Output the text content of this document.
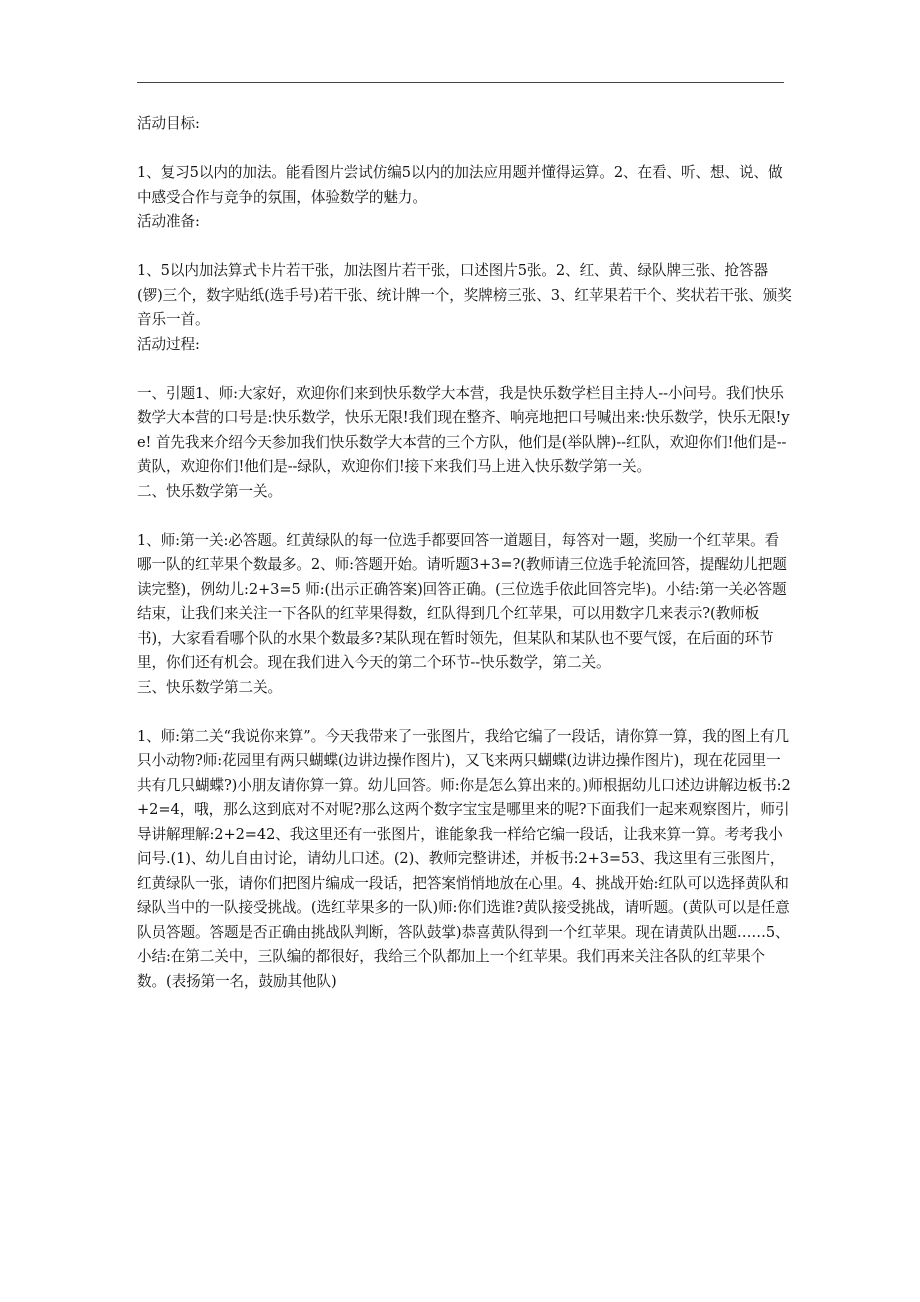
活动目标:

1、复习5以内的加法。能看图片尝试仿编5以内的加法应用题并懂得运算。2、在看、听、想、说、做中感受合作与竞争的氛围，体验数学的魅力。

活动准备:

1、5以内加法算式卡片若干张，加法图片若干张，口述图片5张。2、红、黄、绿队牌三张、抢答器(锣)三个，数字贴纸(选手号)若干张、统计牌一个，奖牌榜三张、3、红苹果若干个、奖状若干张、颁奖音乐一首。

活动过程:

一、引题1、师:大家好，欢迎你们来到快乐数学大本营，我是快乐数学栏目主持人--小问号。我们快乐数学大本营的口号是:快乐数学，快乐无限!我们现在整齐、响亮地把口号喊出来:快乐数学，快乐无限!ye! 首先我来介绍今天参加我们快乐数学大本营的三个方队，他们是(举队牌)--红队，欢迎你们!他们是--黄队，欢迎你们!他们是--绿队，欢迎你们!接下来我们马上进入快乐数学第一关。

二、快乐数学第一关。

1、师:第一关:必答题。红黄绿队的每一位选手都要回答一道题目，每答对一题，奖励一个红苹果。看哪一队的红苹果个数最多。2、师:答题开始。请听题3+3=?(教师请三位选手轮流回答，提醒幼儿把题读完整)，例幼儿:2+3=5 师:(出示正确答案)回答正确。(三位选手依此回答完毕)。小结:第一关必答题结束，让我们来关注一下各队的红苹果得数，红队得到几个红苹果，可以用数字几来表示?(教师板书)，大家看看哪个队的水果个数最多?某队现在暂时领先，但某队和某队也不要气馁，在后面的环节里，你们还有机会。现在我们进入今天的第二个环节--快乐数学，第二关。

三、快乐数学第二关。

1、师:第二关“我说你来算”。今天我带来了一张图片，我给它编了一段话，请你算一算，我的图上有几只小动物?师:花园里有两只蝴蝶(边讲边操作图片)，又飞来两只蝴蝶(边讲边操作图片)，现在花园里一共有几只蝴蝶?)小朋友请你算一算。幼儿回答。师:你是怎么算出来的。)师根据幼儿口述边讲解边板书:2+2=4，哦，那么这到底对不对呢?那么这两个数字宝宝是哪里来的呢?下面我们一起来观察图片，师引导讲解理解:2+2=42、我这里还有一张图片，谁能象我一样给它编一段话，让我来算一算。考考我小问号.(1)、幼儿自由讨论，请幼儿口述。(2)、教师完整讲述，并板书:2+3=53、我这里有三张图片，红黄绿队一张，请你们把图片编成一段话，把答案悄悄地放在心里。4、挑战开始:红队可以选择黄队和绿队当中的一队接受挑战。(选红苹果多的一队)师:你们选谁?黄队接受挑战，请听题。(黄队可以是任意队员答题。答题是否正确由挑战队判断，答队鼓掌)恭喜黄队得到一个红苹果。现在请黄队出题……5、小结:在第二关中，三队编的都很好，我给三个队都加上一个红苹果。我们再来关注各队的红苹果个数。(表扬第一名，鼓励其他队)
